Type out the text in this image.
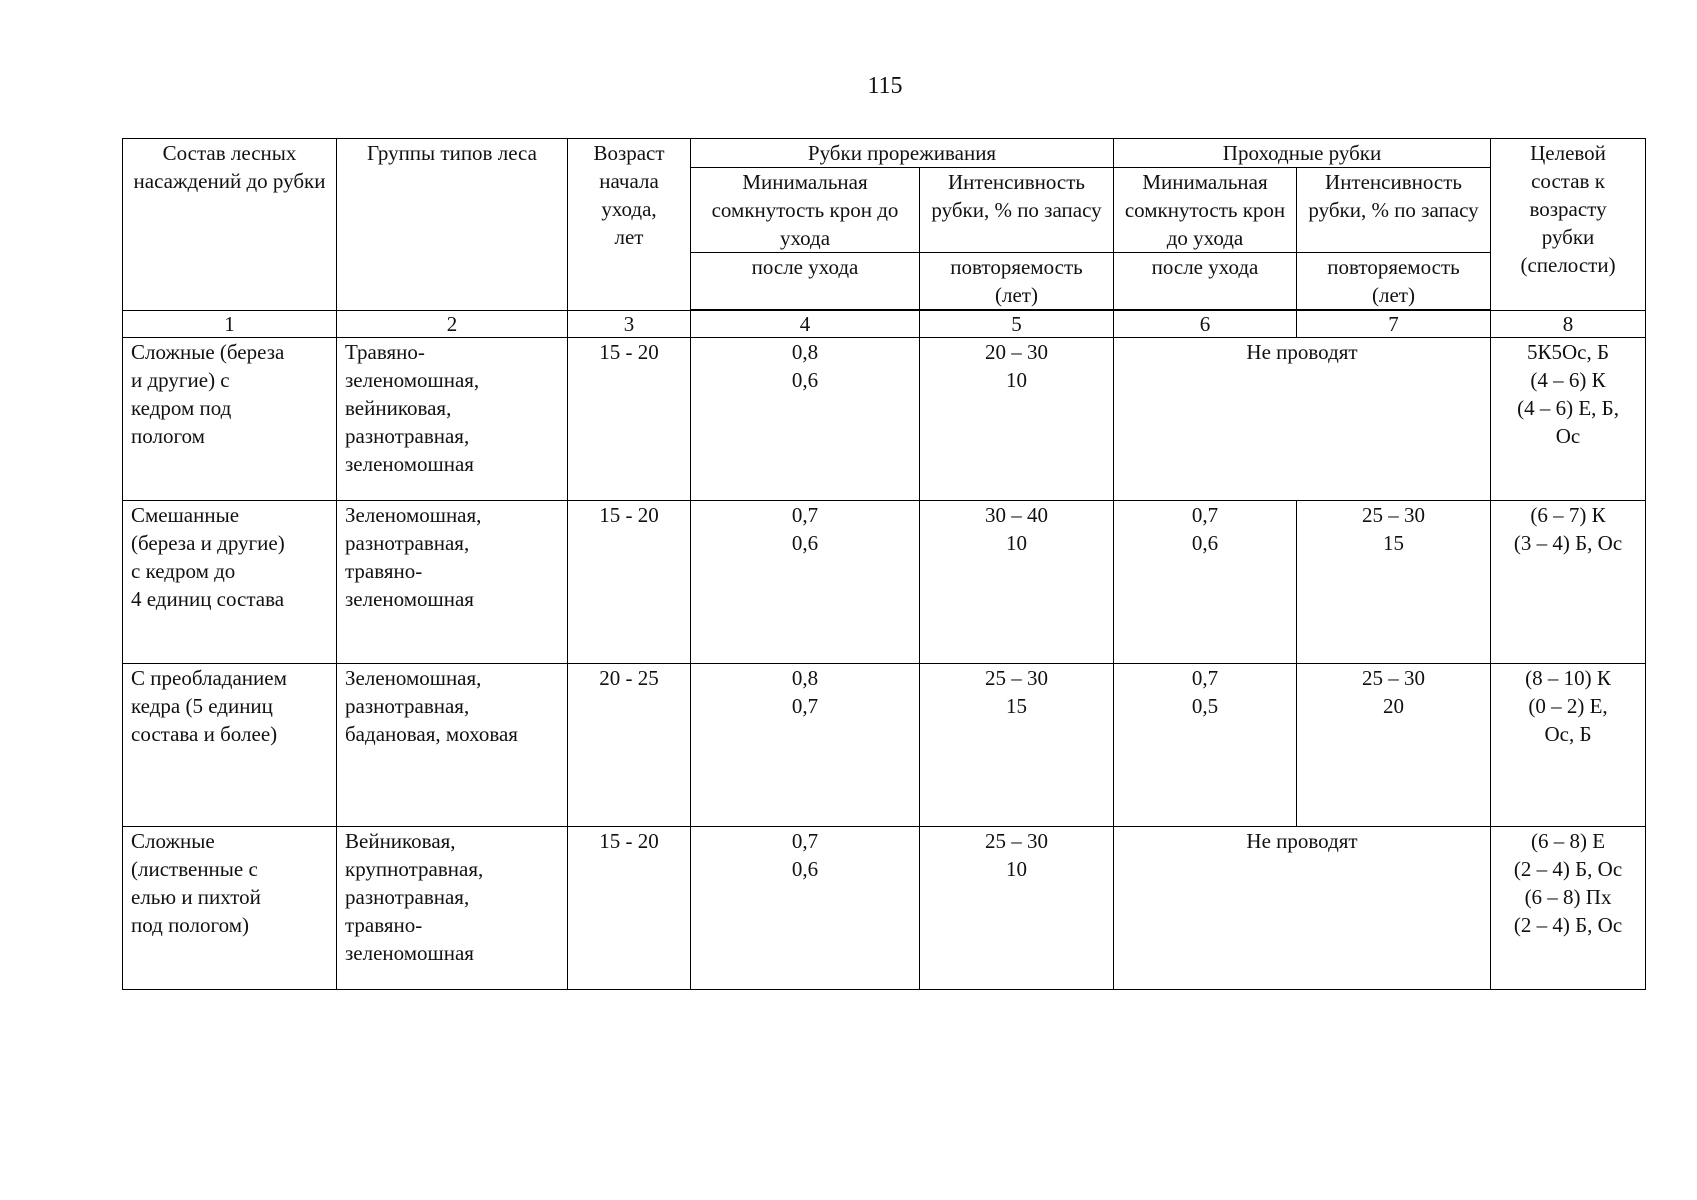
115
Состав лесных насаждений до рубки	Группы типов леса	Возраст
начала
ухода,
лет	Рубки прореживания		Проходные рубки		Целевой
состав к
возрасту
рубки
(спелости)
			Минимальная сомкнутость крон до ухода	Интенсивность рубки, % по запасу	Минимальная сомкнутость крон до ухода	Интенсивность рубки, % по запасу	
			после ухода	повторяемость (лет)	после ухода	повторяемость (лет)	

1	2	3	4	5	6	7	8
Сложные (береза
и другие) с
кедром под
пологом	Травяно-
зеленомошная,
вейниковая,
разнотравная,
зеленомошная	15 - 20	0,8
0,6	20 – 30
10	Не проводят		5К5Ос, Б
(4 – 6) К
(4 – 6) Е, Б,
Ос
Смешанные
(береза и другие)
с кедром до
4 единиц состава	Зеленомошная,
разнотравная,
травяно-
зеленомошная	15 - 20	0,7
0,6	30 – 40
10	0,7
0,6	25 – 30
15	(6 – 7) К
(3 – 4) Б, Ос
С преобладанием
кедра (5 единиц
состава и более)	Зеленомошная,
разнотравная,
бадановая, моховая	20 - 25	0,8
0,7	25 – 30
15	0,7
0,5	25 – 30
20	(8 – 10) К
(0 – 2) Е,
Ос, Б
Сложные
(лиственные с
елью и пихтой
под пологом)	Вейниковая,
крупнотравная,
разнотравная,
травяно-
зеленомошная	15 - 20	0,7
0,6	25 – 30
10	Не проводят		(6 – 8) Е
(2 – 4) Б, Ос
(6 – 8) Пх
(2 – 4) Б, Ос
